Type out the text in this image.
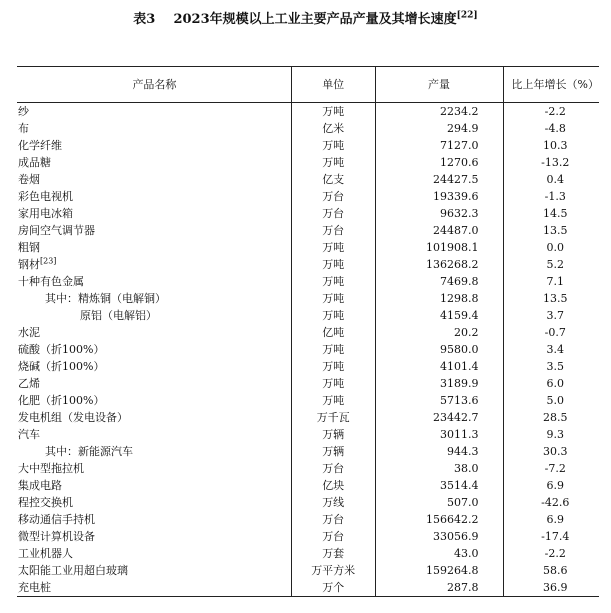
表3 2023年规模以上工业主要产品产量及其增长速度[22]
产品名称	单位	产量	比上年增长（%）
纱	万吨	2234.2	-2.2
布	亿米	294.9	-4.8
化学纤维	万吨	7127.0	10.3
成品糖	万吨	1270.6	-13.2
卷烟	亿支	24427.5	0.4
彩色电视机	万台	19339.6	-1.3
家用电冰箱	万台	9632.3	14.5
房间空气调节器	万台	24487.0	13.5
粗钢	万吨	101908.1	0.0
钢材[23]	万吨	136268.2	5.2
十种有色金属	万吨	7469.8	7.1
其中：精炼铜（电解铜）	万吨	1298.8	13.5
原铝（电解铝）	万吨	4159.4	3.7
水泥	亿吨	20.2	-0.7
硫酸（折100%）	万吨	9580.0	3.4
烧碱（折100%）	万吨	4101.4	3.5
乙烯	万吨	3189.9	6.0
化肥（折100%）	万吨	5713.6	5.0
发电机组（发电设备）	万千瓦	23442.7	28.5
汽车	万辆	3011.3	9.3
其中：新能源汽车	万辆	944.3	30.3
大中型拖拉机	万台	38.0	-7.2
集成电路	亿块	3514.4	6.9
程控交换机	万线	507.0	-42.6
移动通信手持机	万台	156642.2	6.9
微型计算机设备	万台	33056.9	-17.4
工业机器人	万套	43.0	-2.2
太阳能工业用超白玻璃	万平方米	159264.8	58.6
充电桩	万个	287.8	36.9
